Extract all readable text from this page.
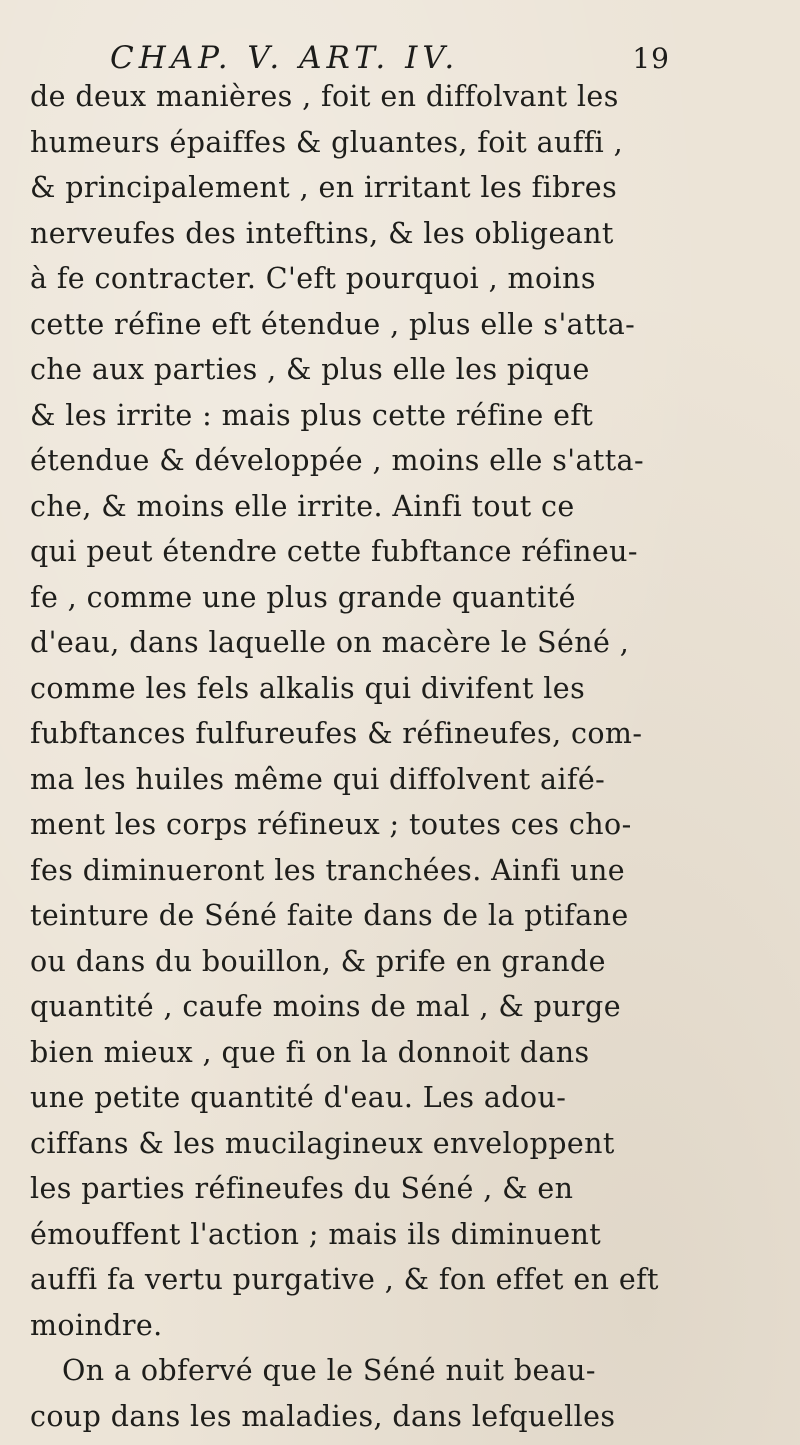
CHAP. V. ART. IV.	19
de deux manières , foit en diffolvant les
humeurs épaiffes & gluantes, foit auffi ,
& principalement , en irritant les fibres
nerveufes des inteftins, & les obligeant
à fe contracter. C'eft pourquoi , moins
cette réfine eft étendue , plus elle s'atta-
che aux parties , & plus elle les pique
& les irrite : mais plus cette réfine eft
étendue & développée , moins elle s'atta-
che, & moins elle irrite. Ainfi tout ce
qui peut étendre cette fubftance réfineu-
fe , comme une plus grande quantité
d'eau, dans laquelle on macère le Séné ,
comme les fels alkalis qui divifent les
fubftances fulfureufes & réfineufes, com-
ma les huiles même qui diffolvent aifé-
ment les corps réfineux ; toutes ces cho-
fes diminueront les tranchées. Ainfi une
teinture de Séné faite dans de la ptifane
ou dans du bouillon, & prife en grande
quantité , caufe moins de mal , & purge
bien mieux , que fi on la donnoit dans
une petite quantité d'eau. Les adou-
ciffans & les mucilagineux enveloppent
les parties réfineufes du Séné , & en
émouffent l'action ; mais ils diminuent
auffi fa vertu purgative , & fon effet en eft
moindre.
On a obfervé que le Séné nuit beau-
coup dans les maladies, dans lefquelles
